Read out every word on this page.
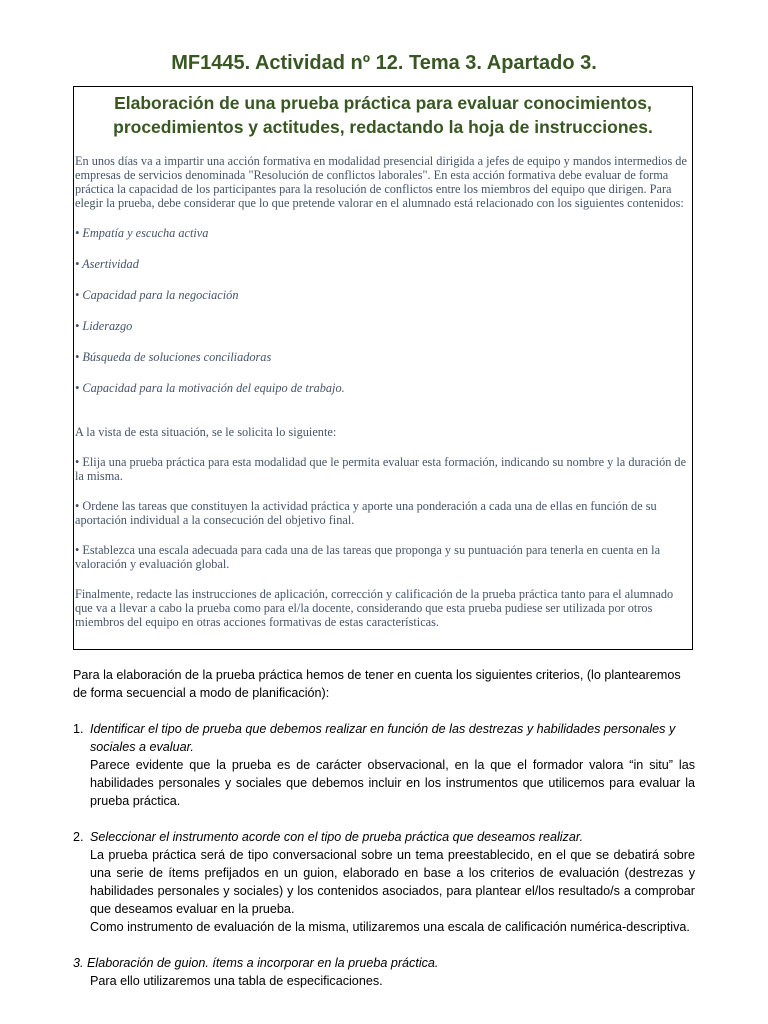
MF1445. Actividad nº 12. Tema 3. Apartado 3.
Elaboración de una prueba práctica para evaluar conocimientos,
procedimientos y actitudes, redactando la hoja de instrucciones.

En unos días va a impartir una acción formativa en modalidad presencial dirigida a jefes de equipo y mandos intermedios de empresas de servicios denominada "Resolución de conflictos laborales". En esta acción formativa debe evaluar de forma práctica la capacidad de los participantes para la resolución de conflictos entre los miembros del equipo que dirigen. Para elegir la prueba, debe considerar que lo que pretende valorar en el alumnado está relacionado con los siguientes contenidos:

• Empatía y escucha activa

• Asertividad

• Capacidad para la negociación

• Liderazgo

• Búsqueda de soluciones conciliadoras

• Capacidad para la motivación del equipo de trabajo.

A la vista de esta situación, se le solicita lo siguiente:

• Elija una prueba práctica para esta modalidad que le permita evaluar esta formación, indicando su nombre y la duración de la misma.

• Ordene las tareas que constituyen la actividad práctica y aporte una ponderación a cada una de ellas en función de su aportación individual a la consecución del objetivo final.

• Establezca una escala adecuada para cada una de las tareas que proponga y su puntuación para tenerla en cuenta en la valoración y evaluación global.

Finalmente, redacte las instrucciones de aplicación, corrección y calificación de la prueba práctica tanto para el alumnado que va a llevar a cabo la prueba como para el/la docente, considerando que esta prueba pudiese ser utilizada por otros miembros del equipo en otras acciones formativas de estas características.

Para la elaboración de la prueba práctica hemos de tener en cuenta los siguientes criterios, (lo plantearemos de forma secuencial a modo de planificación):

1. Identificar el tipo de prueba que debemos realizar en función de las destrezas y habilidades personales y sociales a evaluar.

Parece evidente que la prueba es de carácter observacional, en la que el formador valora “in situ” las habilidades personales y sociales que debemos incluir en los instrumentos que utilicemos para evaluar la prueba práctica.

2. Seleccionar el instrumento acorde con el tipo de prueba práctica que deseamos realizar.

La prueba práctica será de tipo conversacional sobre un tema preestablecido, en el que se debatirá sobre una serie de ítems prefijados en un guion, elaborado en base a los criterios de evaluación (destrezas y habilidades personales y sociales) y los contenidos asociados, para plantear el/los resultado/s a comprobar que deseamos evaluar en la prueba.

Como instrumento de evaluación de la misma, utilizaremos una escala de calificación numérica-descriptiva.

3. Elaboración de guion. ítems a incorporar en la prueba práctica.

Para ello utilizaremos una tabla de especificaciones.
